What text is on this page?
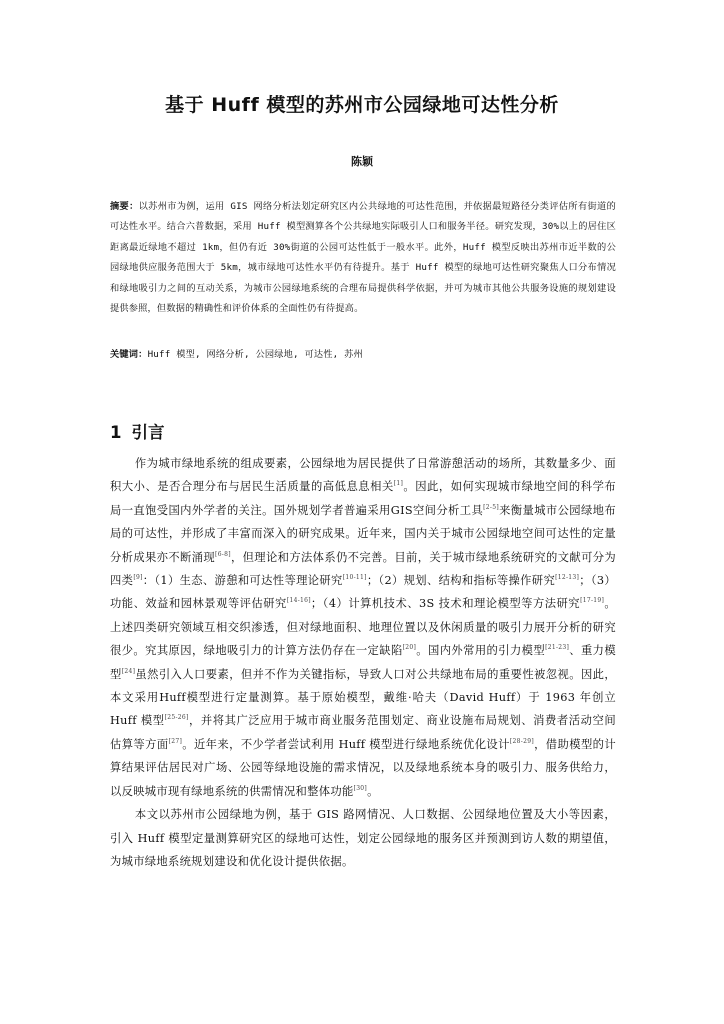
基于 Huff 模型的苏州市公园绿地可达性分析
陈颖
摘要：以苏州市为例，运用 GIS 网络分析法划定研究区内公共绿地的可达性范围，并依据最短路径分类评估所有街道的可达性水平。结合六普数据，采用 Huff 模型测算各个公共绿地实际吸引人口和服务半径。研究发现，30%以上的居住区距离最近绿地不超过 1km，但仍有近 30%街道的公园可达性低于一般水平。此外，Huff 模型反映出苏州市近半数的公园绿地供应服务范围大于 5km，城市绿地可达性水平仍有待提升。基于 Huff 模型的绿地可达性研究聚焦人口分布情况和绿地吸引力之间的互动关系，为城市公园绿地系统的合理布局提供科学依据，并可为城市其他公共服务设施的规划建设提供参照，但数据的精确性和评价体系的全面性仍有待提高。
关键词：Huff 模型, 网络分析, 公园绿地, 可达性, 苏州
1 引言

作为城市绿地系统的组成要素，公园绿地为居民提供了日常游憩活动的场所，其数量多少、面积大小、是否合理分布与居民生活质量的高低息息相关[1]。因此，如何实现城市绿地空间的科学布局一直饱受国内外学者的关注。国外规划学者普遍采用GIS空间分析工具[2-5]来衡量城市公园绿地布局的可达性，并形成了丰富而深入的研究成果。近年来，国内关于城市公园绿地空间可达性的定量分析成果亦不断涌现[6-8]，但理论和方法体系仍不完善。目前，关于城市绿地系统研究的文献可分为四类[9]：（1）生态、游憩和可达性等理论研究[10-11]；（2）规划、结构和指标等操作研究[12-13]；（3）功能、效益和园林景观等评估研究[14-16]；（4）计算机技术、3S 技术和理论模型等方法研究[17-19]。上述四类研究领域互相交织渗透，但对绿地面积、地理位置以及休闲质量的吸引力展开分析的研究很少。究其原因，绿地吸引力的计算方法仍存在一定缺陷[20]。国内外常用的引力模型[21-23]、重力模型[24]虽然引入人口要素，但并不作为关键指标，导致人口对公共绿地布局的重要性被忽视。因此，本文采用Huff模型进行定量测算。基于原始模型，戴维·哈夫（David Huff）于 1963 年创立 Huff 模型[25-26]，并将其广泛应用于城市商业服务范围划定、商业设施布局规划、消费者活动空间估算等方面[27]。近年来，不少学者尝试利用 Huff 模型进行绿地系统优化设计[28-29]，借助模型的计算结果评估居民对广场、公园等绿地设施的需求情况，以及绿地系统本身的吸引力、服务供给力，以反映城市现有绿地系统的供需情况和整体功能[30]。

本文以苏州市公园绿地为例，基于 GIS 路网情况、人口数据、公园绿地位置及大小等因素，引入 Huff 模型定量测算研究区的绿地可达性，划定公园绿地的服务区并预测到访人数的期望值，为城市绿地系统规划建设和优化设计提供依据。
